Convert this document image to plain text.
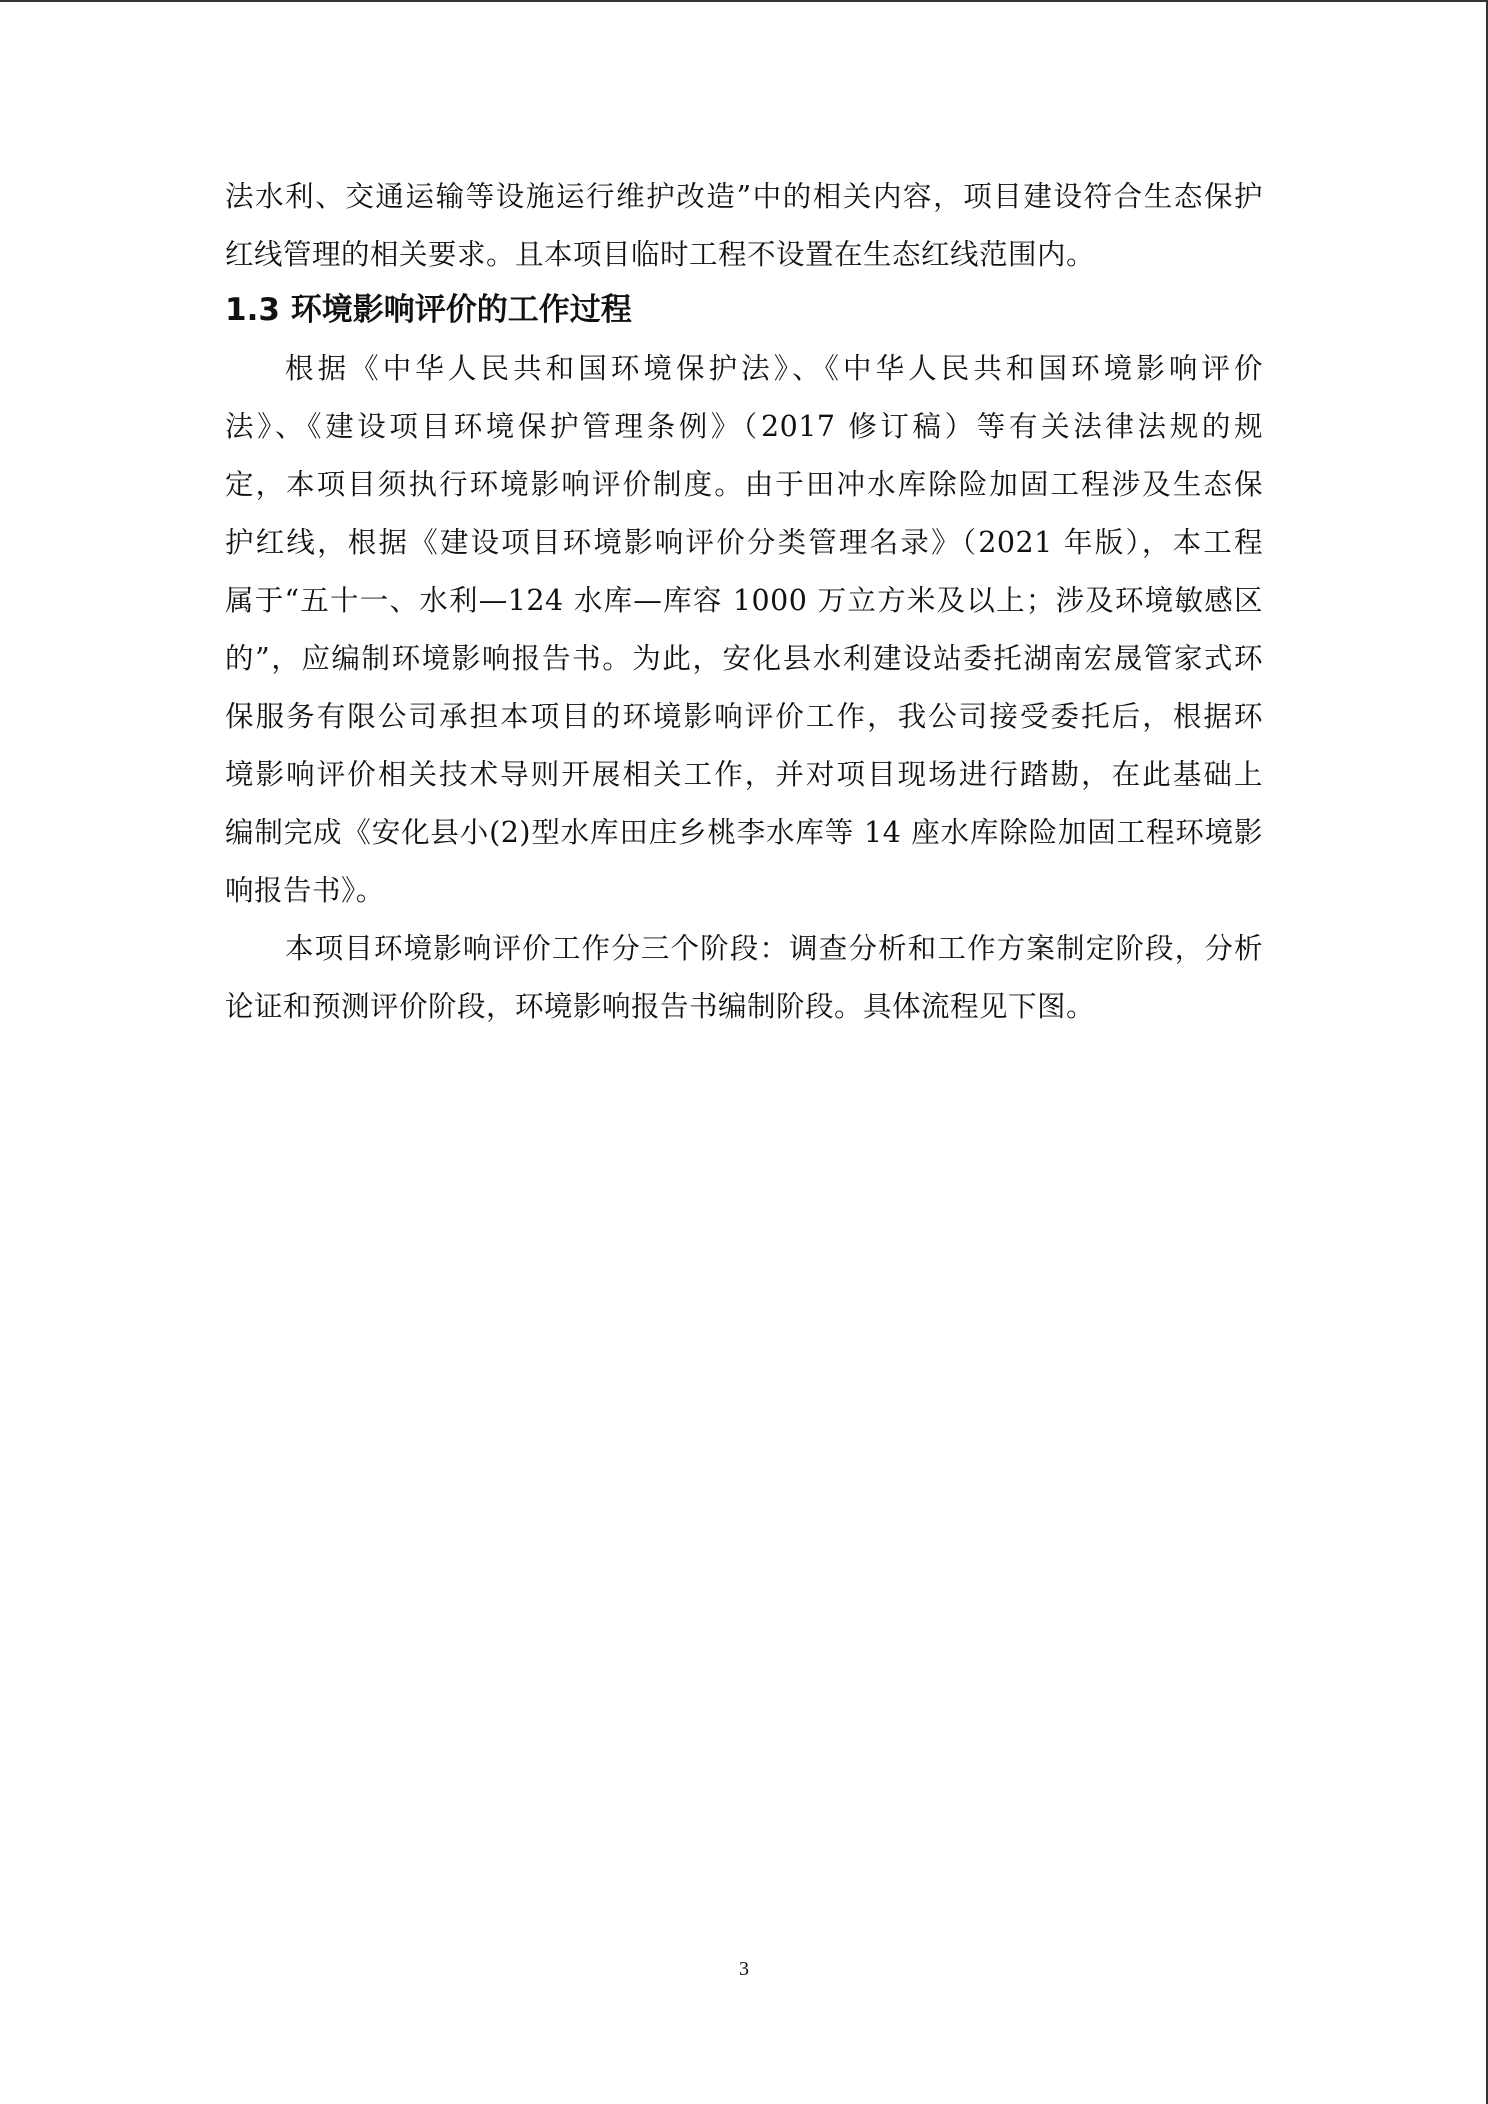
法水利、交通运输等设施运行维护改造”中的相关内容，项目建设符合生态保护
红线管理的相关要求。且本项目临时工程不设置在生态红线范围内。
1.3 环境影响评价的工作过程
根据《中华人民共和国环境保护法》、《中华人民共和国环境影响评价
法》、《建设项目环境保护管理条例》（2017 修订稿）等有关法律法规的规
定，本项目须执行环境影响评价制度。由于田冲水库除险加固工程涉及生态保
护红线，根据《建设项目环境影响评价分类管理名录》（2021 年版），本工程
属于“五十一、水利—124 水库—库容 1000 万立方米及以上；涉及环境敏感区
的”，应编制环境影响报告书。为此，安化县水利建设站委托湖南宏晟管家式环
保服务有限公司承担本项目的环境影响评价工作，我公司接受委托后，根据环
境影响评价相关技术导则开展相关工作，并对项目现场进行踏勘，在此基础上
编制完成《安化县小(2)型水库田庄乡桃李水库等 14 座水库除险加固工程环境影
响报告书》。
本项目环境影响评价工作分三个阶段：调查分析和工作方案制定阶段，分析
论证和预测评价阶段，环境影响报告书编制阶段。具体流程见下图。
3
